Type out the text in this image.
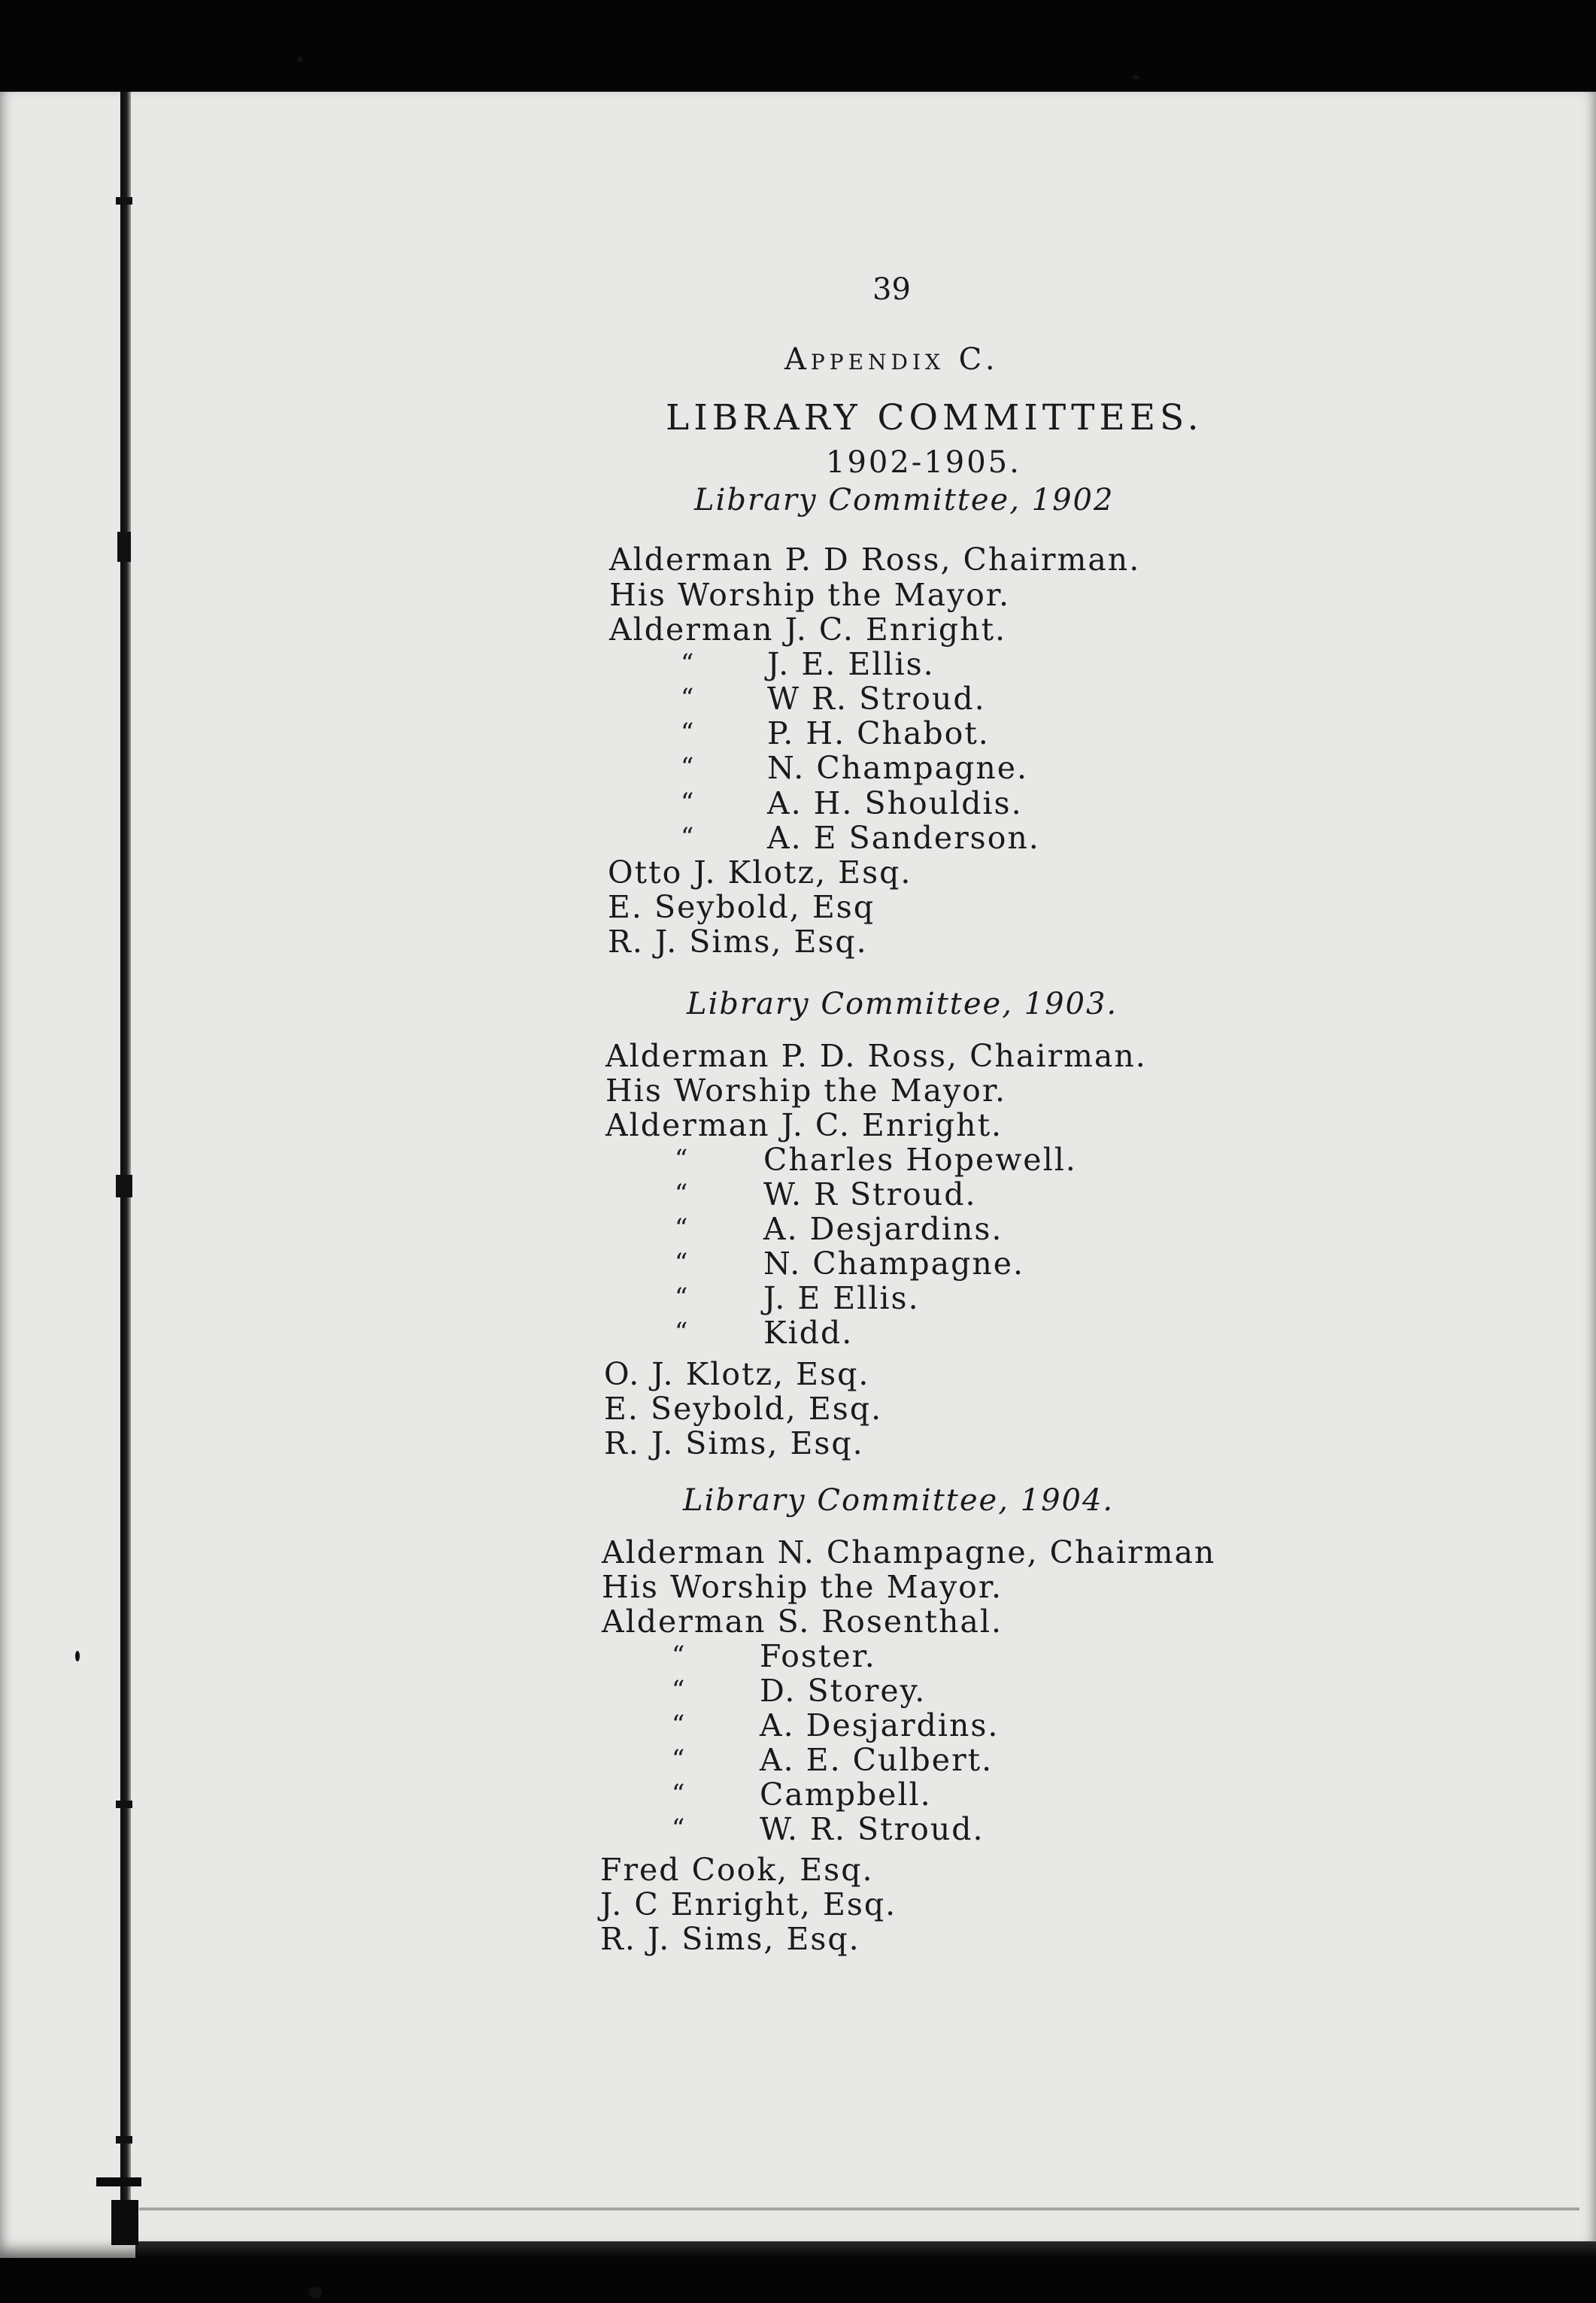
39
Appendix C.
LIBRARY COMMITTEES.
1902-1905.
Library Committee, 1902
Alderman P. D Ross, Chairman.
His Worship the Mayor.
Alderman J. C. Enright.
“ J. E. Ellis.
“ W R. Stroud.
“ P. H. Chabot.
“ N. Champagne.
“ A. H. Shouldis.
“ A. E Sanderson.
Otto J. Klotz, Esq.
E. Seybold, Esq
R. J. Sims, Esq.
Library Committee, 1903.
Alderman P. D. Ross, Chairman.
His Worship the Mayor.
Alderman J. C. Enright.
“ Charles Hopewell.
“ W. R Stroud.
“ A. Desjardins.
“ N. Champagne.
“ J. E Ellis.
“ Kidd.
O. J. Klotz, Esq.
E. Seybold, Esq.
R. J. Sims, Esq.
Library Committee, 1904.
Alderman N. Champagne, Chairman
His Worship the Mayor.
Alderman S. Rosenthal.
“ Foster.
“ D. Storey.
“ A. Desjardins.
“ A. E. Culbert.
“ Campbell.
“ W. R. Stroud.
Fred Cook, Esq.
J. C Enright, Esq.
R. J. Sims, Esq.
